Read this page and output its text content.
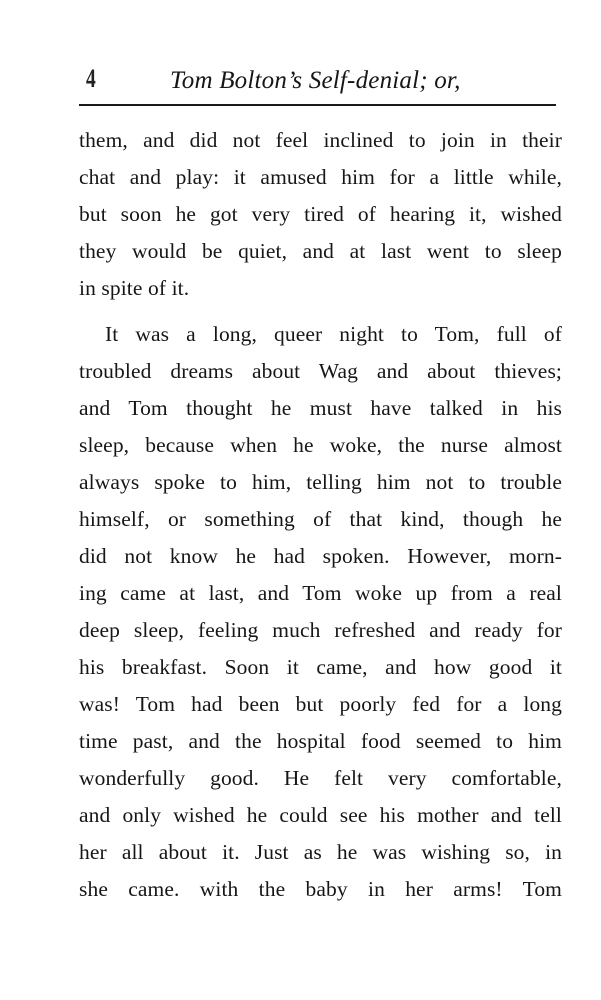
4	Tom Bolton’s Self-denial; or,
them, and did not feel inclined to join in their
chat and play: it amused him for a little while,
but soon he got very tired of hearing it, wished
they would be quiet, and at last went to sleep
in spite of it.
It was a long, queer night to Tom, full of
troubled dreams about Wag and about thieves;
and Tom thought he must have talked in his
sleep, because when he woke, the nurse almost
always spoke to him, telling him not to trouble
himself, or something of that kind, though he
did not know he had spoken. However, morn-
ing came at last, and Tom woke up from a real
deep sleep, feeling much refreshed and ready for
his breakfast. Soon it came, and how good it
was! Tom had been but poorly fed for a long
time past, and the hospital food seemed to him
wonderfully good. He felt very comfortable,
and only wished he could see his mother and tell
her all about it. Just as he was wishing so, in
she came. with the baby in her arms! Tom
